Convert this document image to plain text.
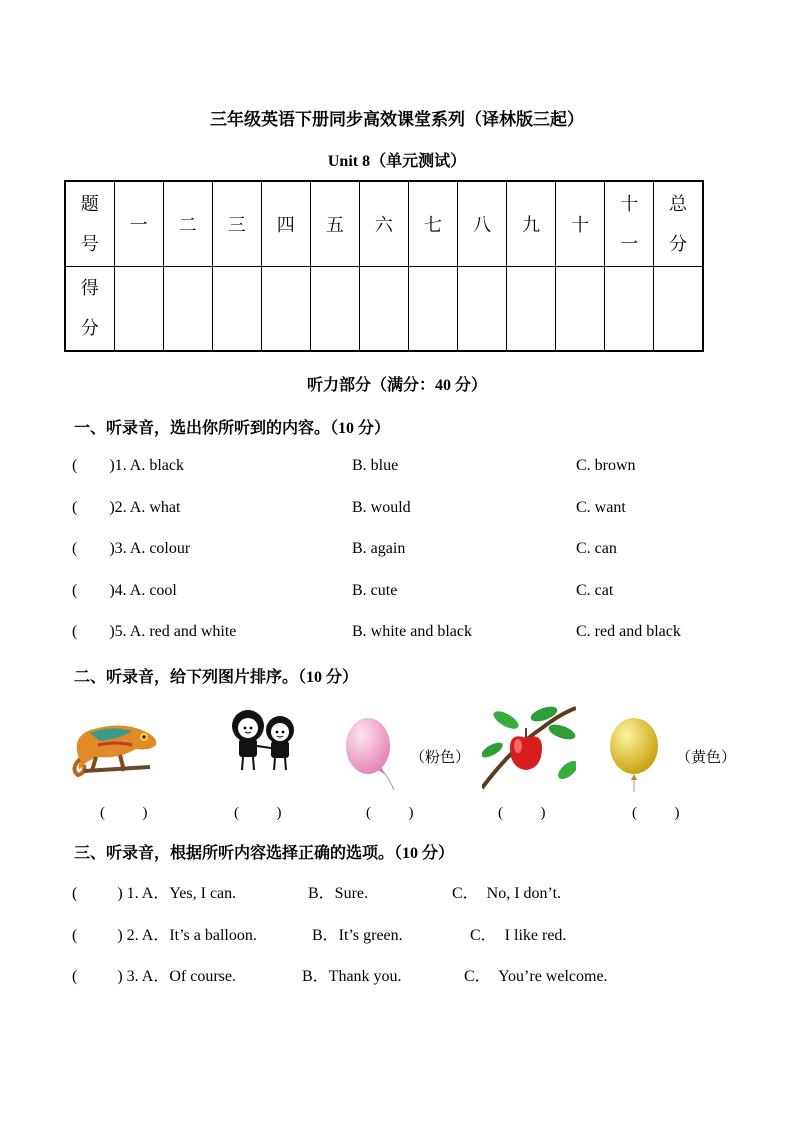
三年级英语下册同步高效课堂系列（译林版三起）
Unit 8（单元测试）
题号	一	二	三	四	五	六	七	八	九	十	十一	总分
得分												
听力部分（满分：40 分）
一、听录音，选出你所听到的内容。（10 分）
(        )1. A. black	B. blue	C. brown
(        )2. A. what	B. would	C. want
(        )3. A. colour	B. again	C. can
(        )4. A. cool	B. cute	C. cat
(        )5. A. red and white	B. white and black	C. red and black
二、听录音，给下列图片排序。（10 分）
（粉色）	（黄色）
(          )	(          )	(          )	(          )	(          )
三、听录音，根据所听内容选择正确的选项。（10 分）
(          ) 1. A．Yes, I can.	B．Sure.	C．  No, I don’t.
(          ) 2. A．It’s a balloon.	B．It’s green.	C．  I like red.
(          ) 3. A．Of course.	B．Thank you.	C．  You’re welcome.
